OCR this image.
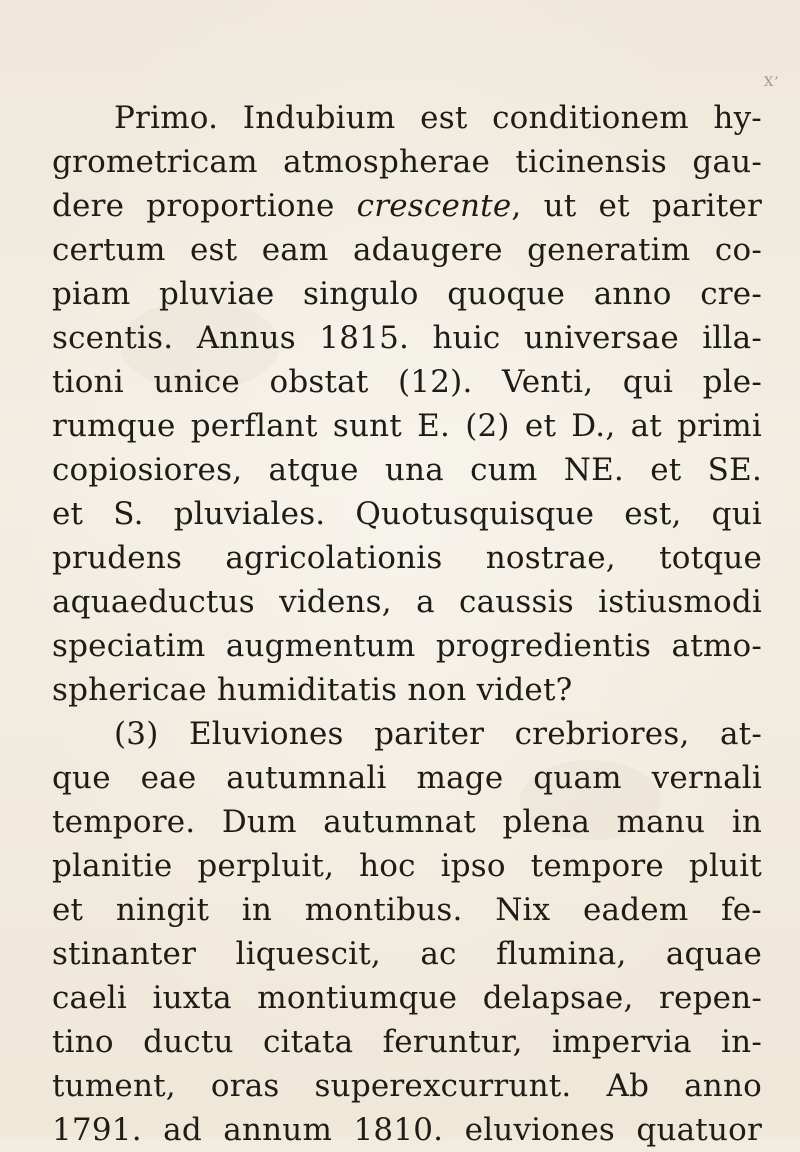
X’
Primo. Indubium est conditionem hy-
grometricam atmospherae ticinensis gau-
dere proportione crescente, ut et pariter
certum est eam adaugere generatim co-
piam pluviae singulo quoque anno cre-
scentis. Annus 1815. huic universae illa-
tioni unice obstat (12). Venti, qui ple-
rumque perflant sunt E. (2) et D., at primi
copiosiores, atque una cum NE. et SE.
et S. pluviales. Quotusquisque est, qui
prudens agricolationis nostrae, totque
aquaeductus videns, a caussis istiusmodi
speciatim augmentum progredientis atmo-
sphericae humiditatis non videt?
(3) Eluviones pariter crebriores, at-
que eae autumnali mage quam vernali
tempore. Dum autumnat plena manu in
planitie perpluit, hoc ipso tempore pluit
et ningit in montibus. Nix eadem fe-
stinanter liquescit, ac flumina, aquae
caeli iuxta montiumque delapsae, repen-
tino ductu citata feruntur, impervia in-
tument, oras superexcurrunt. Ab anno
1791. ad annum 1810. eluviones quatuor
